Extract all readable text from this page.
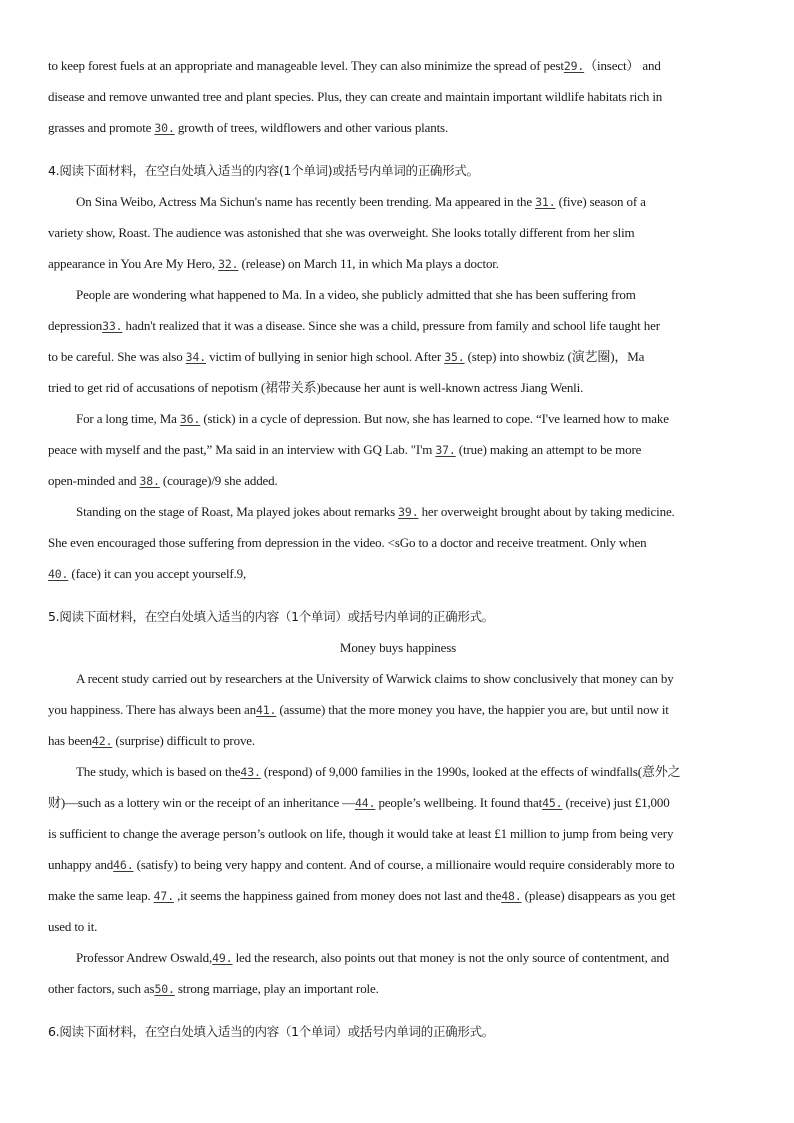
to keep forest fuels at an appropriate and manageable level. They can also minimize the spread of pest29.（insect） and
disease and remove unwanted tree and plant species. Plus, they can create and maintain important wildlife habitats rich in
grasses and promote 30. growth of trees, wildflowers and other various plants.
4.阅读下面材料，在空白处填入适当的内容(1个单词)或括号内单词的正确形式。
On Sina Weibo, Actress Ma Sichun's name has recently been trending. Ma appeared in the 31. (five) season of a
variety show, Roast. The audience was astonished that she was overweight. She looks totally different from her slim
appearance in You Are My Hero, 32. (release) on March 11, in which Ma plays a doctor.
People are wondering what happened to Ma. In a video, she publicly admitted that she has been suffering from
depression33. hadn't realized that it was a disease. Since she was a child, pressure from family and school life taught her
to be careful. She was also 34. victim of bullying in senior high school. After 35. (step) into showbiz (演艺圈)，Ma
tried to get rid of accusations of nepotism (裙带关系)because her aunt is well-known actress Jiang Wenli.
For a long time, Ma 36. (stick) in a cycle of depression. But now, she has learned to cope. “I've learned how to make
peace with myself and the past,” Ma said in an interview with GQ Lab. "I'm 37. (true) making an attempt to be more
open-minded and 38. (courage)/9 she added.
Standing on the stage of Roast, Ma played jokes about remarks 39. her overweight brought about by taking medicine.
She even encouraged those suffering from depression in the video. <sGo to a doctor and receive treatment. Only when
40. (face) it can you accept yourself.9,
5.阅读下面材料，在空白处填入适当的内容（1个单词）或括号内单词的正确形式。
Money buys happiness
A recent study carried out by researchers at the University of Warwick claims to show conclusively that money can by
you happiness. There has always been an41. (assume) that the more money you have, the happier you are, but until now it
has been42. (surprise) difficult to prove.
The study, which is based on the43. (respond) of 9,000 families in the 1990s, looked at the effects of windfalls(意外之
财)—such as a lottery win or the receipt of an inheritance —44. people’s wellbeing. It found that45. (receive) just £1,000
is sufficient to change the average person’s outlook on life, though it would take at least £1 million to jump from being very
unhappy and46. (satisfy) to being very happy and content. And of course, a millionaire would require considerably more to
make the same leap. 47. ,it seems the happiness gained from money does not last and the48. (please) disappears as you get
used to it.
Professor Andrew Oswald,49. led the research, also points out that money is not the only source of contentment, and
other factors, such as50. strong marriage, play an important role.
6.阅读下面材料，在空白处填入适当的内容（1个单词）或括号内单词的正确形式。
